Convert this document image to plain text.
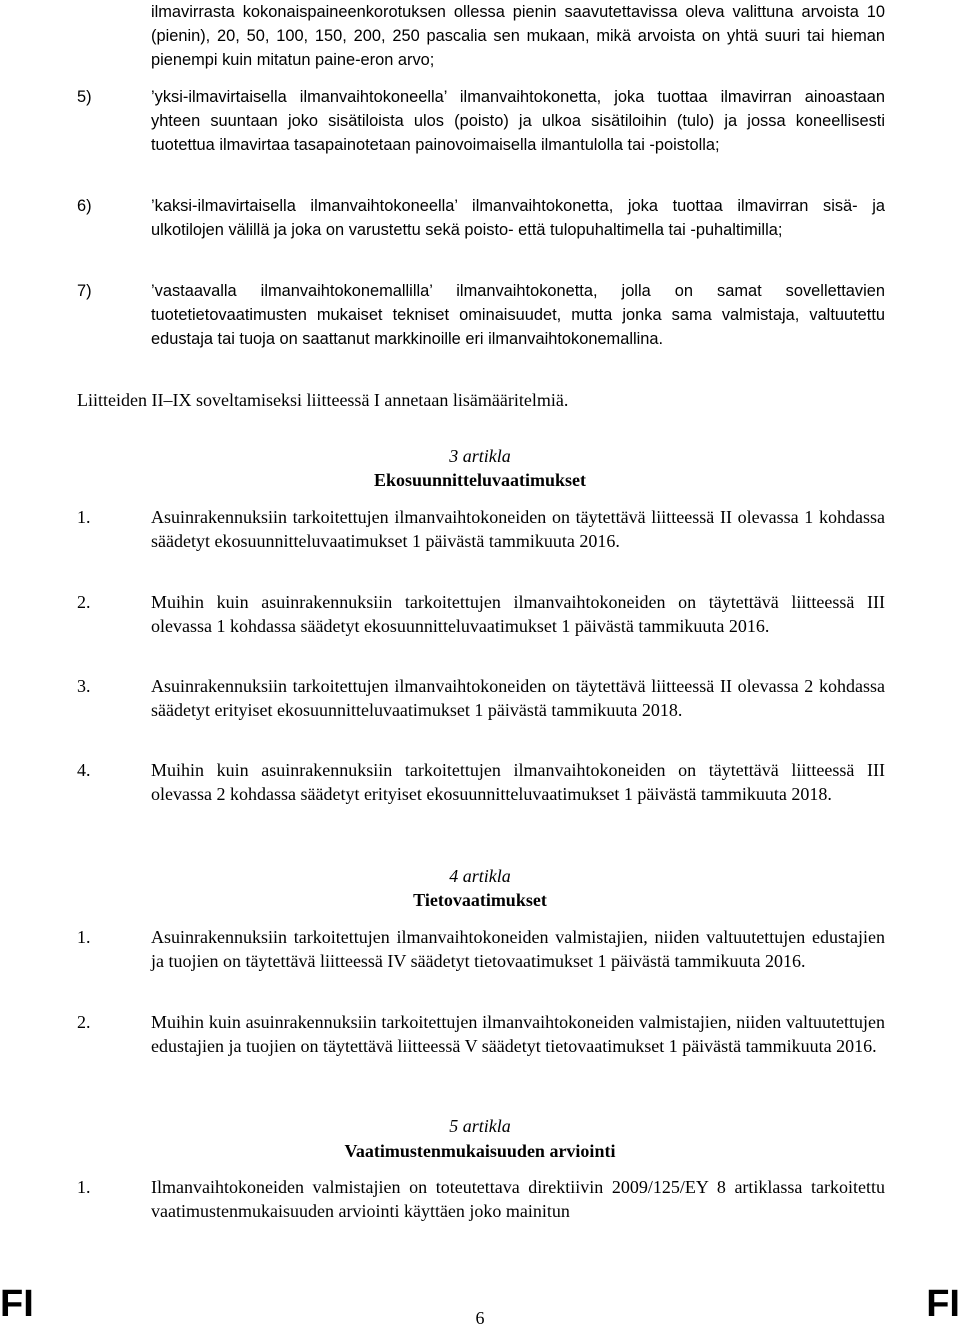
ilmavirrasta kokonaispaineenkorotuksen ollessa pienin saavutettavissa oleva valittuna arvoista 10 (pienin), 20, 50, 100, 150, 200, 250 pascalia sen mukaan, mikä arvoista on yhtä suuri tai hieman pienempi kuin mitatun paine-eron arvo;
5)	’yksi-ilmavirtaisella ilmanvaihtokoneella’ ilmanvaihtokonetta, joka tuottaa ilmavirran ainoastaan yhteen suuntaan joko sisätiloista ulos (poisto) ja ulkoa sisätiloihin (tulo) ja jossa koneellisesti tuotettua ilmavirtaa tasapainotetaan painovoimaisella ilmantulolla tai -poistolla;
6)	’kaksi-ilmavirtaisella ilmanvaihtokoneella’ ilmanvaihtokonetta, joka tuottaa ilmavirran sisä- ja ulkotilojen välillä ja joka on varustettu sekä poisto- että tulopuhaltimella tai -puhaltimilla;
7)	’vastaavalla ilmanvaihtokonemallilla’ ilmanvaihtokonetta, jolla on samat sovellettavien tuotetietovaatimusten mukaiset tekniset ominaisuudet, mutta jonka sama valmistaja, valtuutettu edustaja tai tuoja on saattanut markkinoille eri ilmanvaihtokonemallina.
Liitteiden II–IX soveltamiseksi liitteessä I annetaan lisämääritelmiä.
3 artikla
Ekosuunnitteluvaatimukset
1.	Asuinrakennuksiin tarkoitettujen ilmanvaihtokoneiden on täytettävä liitteessä II olevassa 1 kohdassa säädetyt ekosuunnitteluvaatimukset 1 päivästä tammikuuta 2016.
2.	Muihin kuin asuinrakennuksiin tarkoitettujen ilmanvaihtokoneiden on täytettävä liitteessä III olevassa 1 kohdassa säädetyt ekosuunnitteluvaatimukset 1 päivästä tammikuuta 2016.
3.	Asuinrakennuksiin tarkoitettujen ilmanvaihtokoneiden on täytettävä liitteessä II olevassa 2 kohdassa säädetyt erityiset ekosuunnitteluvaatimukset 1 päivästä tammikuuta 2018.
4.	Muihin kuin asuinrakennuksiin tarkoitettujen ilmanvaihtokoneiden on täytettävä liitteessä III olevassa 2 kohdassa säädetyt erityiset ekosuunnitteluvaatimukset 1 päivästä tammikuuta 2018.
4 artikla
Tietovaatimukset
1.	Asuinrakennuksiin tarkoitettujen ilmanvaihtokoneiden valmistajien, niiden valtuutettujen edustajien ja tuojien on täytettävä liitteessä IV säädetyt tietovaatimukset 1 päivästä tammikuuta 2016.
2.	Muihin kuin asuinrakennuksiin tarkoitettujen ilmanvaihtokoneiden valmistajien, niiden valtuutettujen edustajien ja tuojien on täytettävä liitteessä V säädetyt tietovaatimukset 1 päivästä tammikuuta 2016.
5 artikla
Vaatimustenmukaisuuden arviointi
1.	Ilmanvaihtokoneiden valmistajien on toteutettava direktiivin 2009/125/EY 8 artiklassa tarkoitettu vaatimustenmukaisuuden arviointi käyttäen joko mainitun
FI	6	FI
